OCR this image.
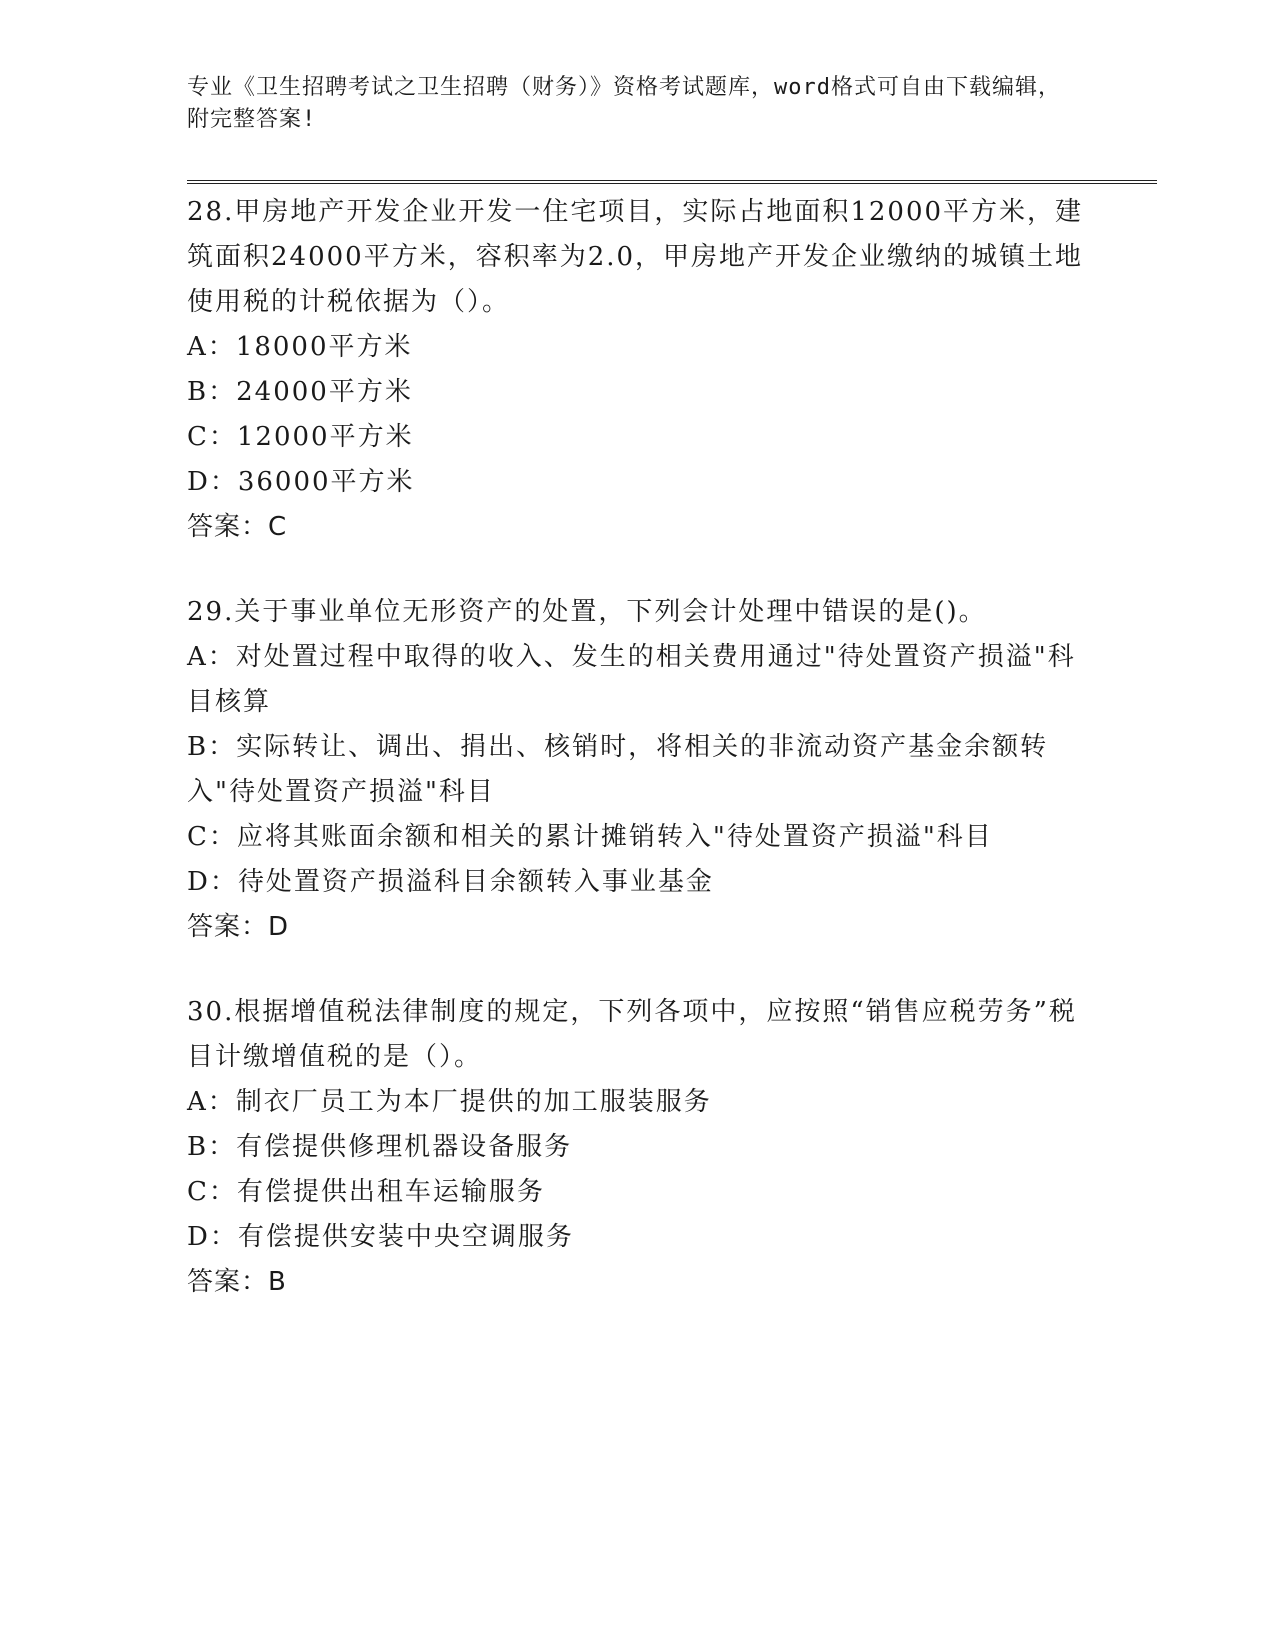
专业《卫生招聘考试之卫生招聘（财务）》资格考试题库，word格式可自由下载编辑，附完整答案!

28.甲房地产开发企业开发一住宅项目，实际占地面积12000平方米，建筑面积24000平方米，容积率为2.0，甲房地产开发企业缴纳的城镇土地使用税的计税依据为（）。

A：18000平方米

B：24000平方米

C：12000平方米

D：36000平方米

答案：C

29.关于事业单位无形资产的处置，下列会计处理中错误的是()。

A：对处置过程中取得的收入、发生的相关费用通过"待处置资产损溢"科目核算

B：实际转让、调出、捐出、核销时，将相关的非流动资产基金余额转入"待处置资产损溢"科目

C：应将其账面余额和相关的累计摊销转入"待处置资产损溢"科目

D：待处置资产损溢科目余额转入事业基金

答案：D

30.根据增值税法律制度的规定，下列各项中，应按照“销售应税劳务”税目计缴增值税的是（）。

A：制衣厂员工为本厂提供的加工服装服务

B：有偿提供修理机器设备服务

C：有偿提供出租车运输服务

D：有偿提供安装中央空调服务

答案：B
